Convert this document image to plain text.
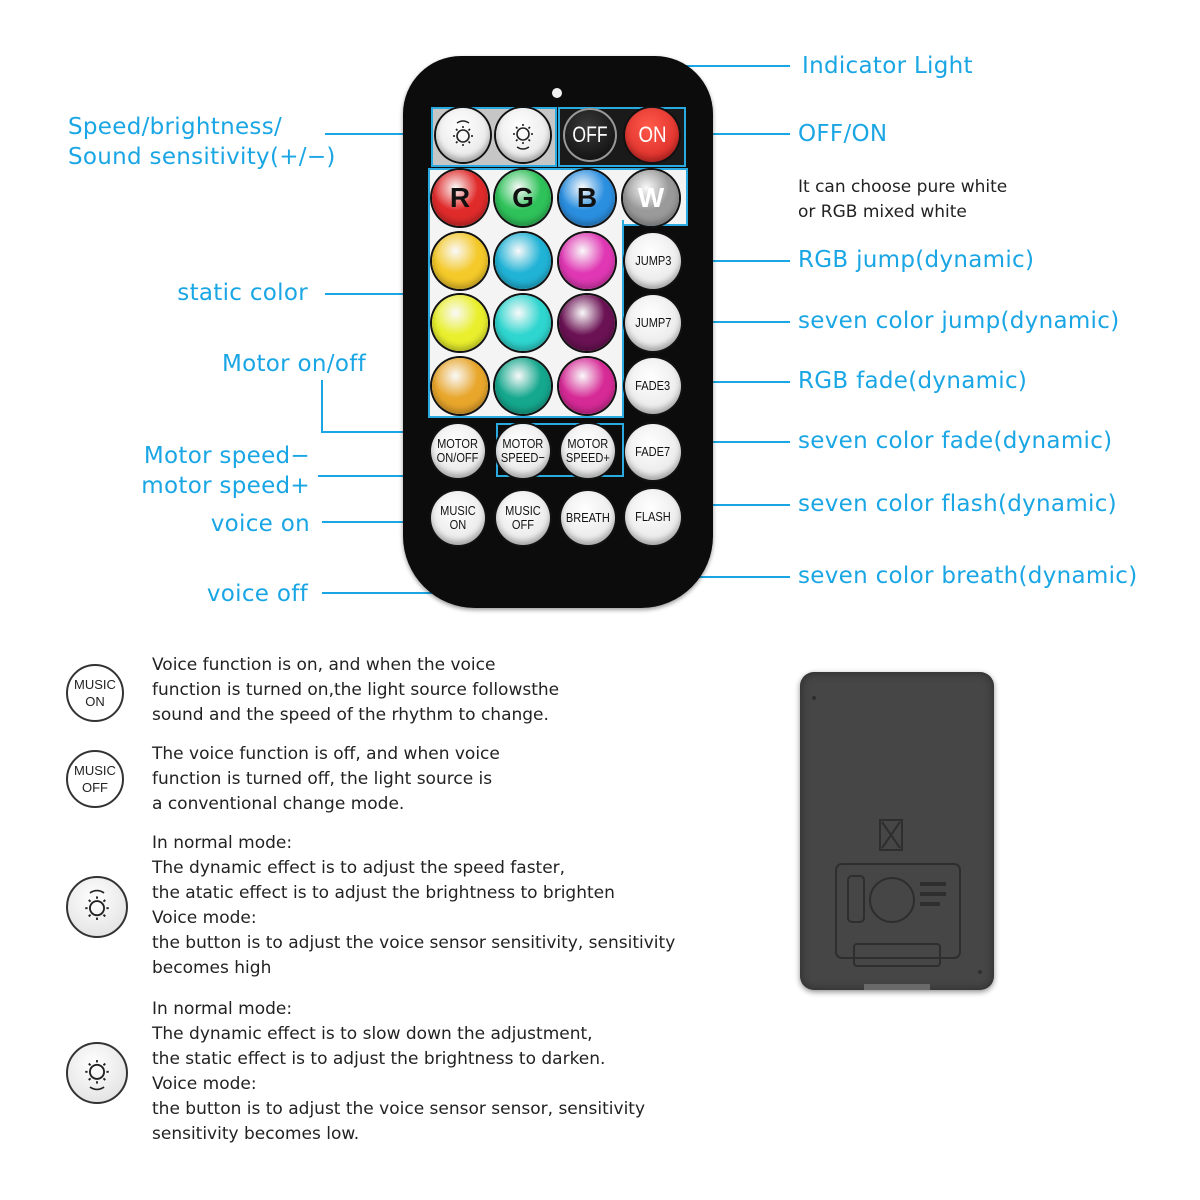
Speed/brightness/
Sound sensitivity(+/−)
static color
Motor on/off
Motor speed−
motor speed+
voice on
voice off
Indicator Light
OFF/ON
It can choose pure white
or RGB mixed white
RGB jump(dynamic)
seven color jump(dynamic)
RGB fade(dynamic)
seven color fade(dynamic)
seven color flash(dynamic)
seven color breath(dynamic)
OFF ON
R G B W
JUMP3
JUMP7
FADE3
FADE7
FLASH
MOTOR
ON/OFF
MOTOR
SPEED−
MOTOR
SPEED+
MUSIC
ON
MUSIC
OFF	BREATH
MUSIC
ON
MUSIC
OFF
Voice function is on, and when the voice
function is turned on,the light source followsthe
sound and the speed of the rhythm to change.
The voice function is off, and when voice
function is turned off, the light source is
a conventional change mode.
In normal mode:
The dynamic effect is to adjust the speed faster,
the atatic effect is to adjust the brightness to brighten
Voice mode:
the button is to adjust the voice sensor sensitivity, sensitivity
becomes high
In normal mode:
The dynamic effect is to slow down the adjustment,
the static effect is to adjust the brightness to darken.
Voice mode:
the button is to adjust the voice sensor sensor, sensitivity
sensitivity becomes low.
